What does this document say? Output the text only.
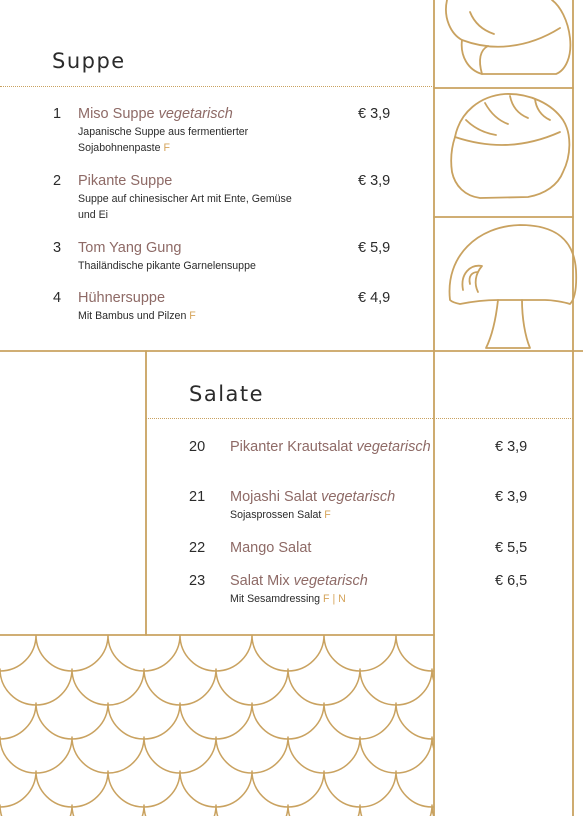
Suppe
1 Miso Suppe vegetarisch
Japanische Suppe aus fermentierter Sojabohnenpaste F
€ 3,9
2 Pikante Suppe
Suppe auf chinesischer Art mit Ente, Gemüse und Ei
€ 3,9
3 Tom Yang Gung
Thailändische pikante Garnelensuppe
€ 5,9
4 Hühnersuppe
Mit Bambus und Pilzen F
€ 4,9
Salate
20 Pikanter Krautsalat vegetarisch	€ 3,9
21 Mojashi Salat vegetarisch
Sojasprossen Salat F
€ 3,9
22 Mango Salat	€ 5,5
23 Salat Mix vegetarisch
Mit Sesamdressing F | N
€ 6,5
